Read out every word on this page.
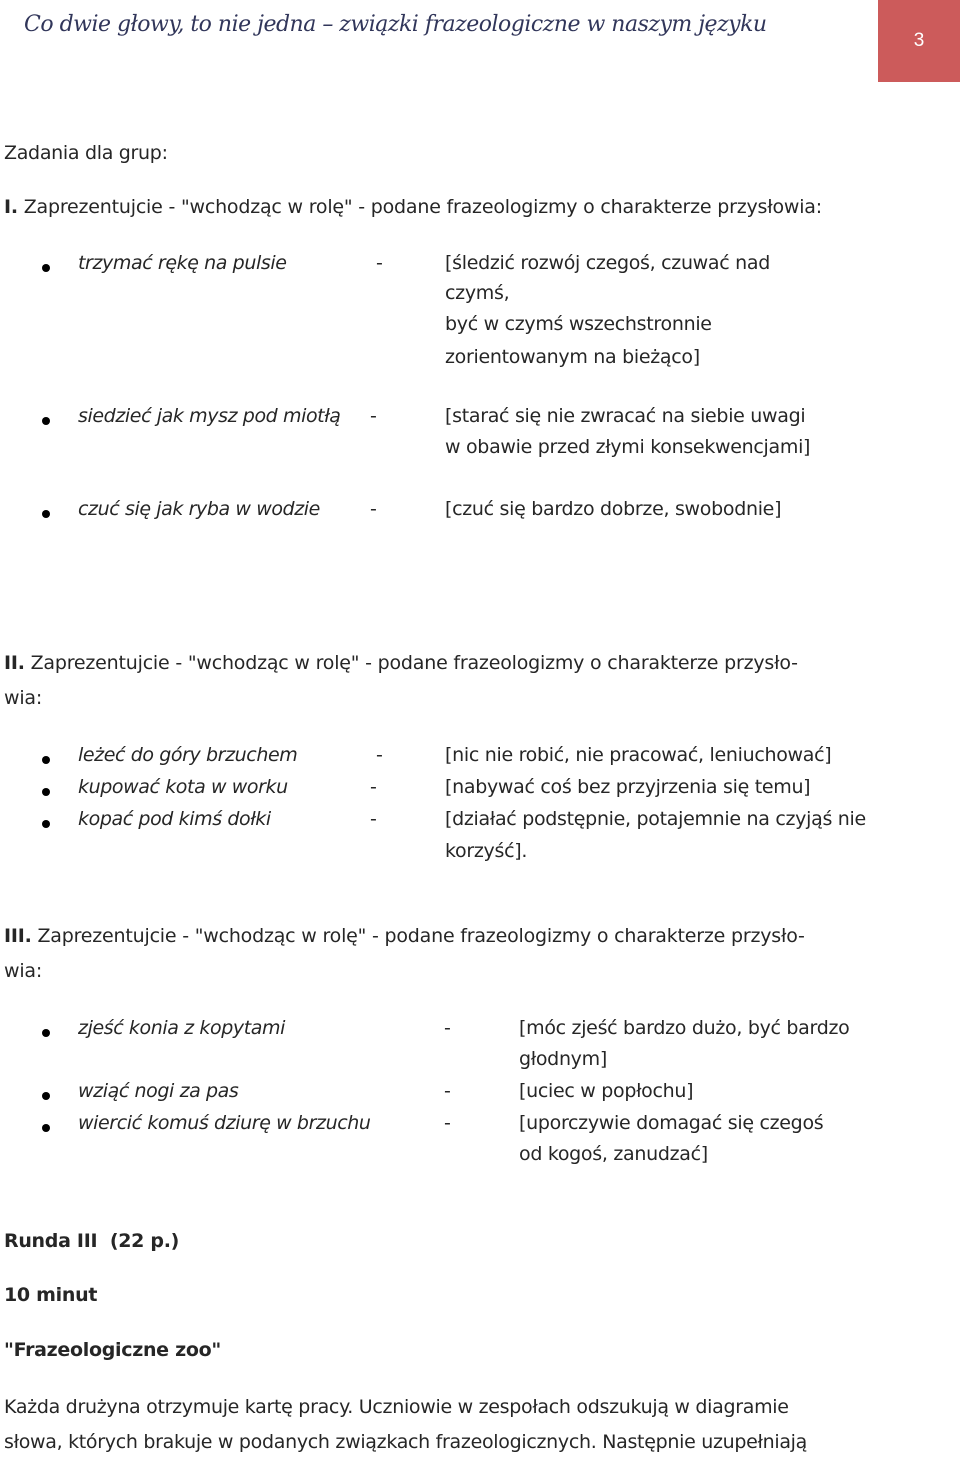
Co dwie głowy, to nie jedna – związki frazeologiczne w naszym języku
3
Zadania dla grup:
I. Zaprezentujcie - "wchodząc w rolę" - podane frazeologizmy o charakterze przysłowia:
trzymać rękę na pulsie	-	[śledzić rozwój czegoś, czuwać nad
czymś,
być w czymś wszechstronnie
zorientowanym na bieżąco]
siedzieć jak mysz pod miotłą -	[starać się nie zwracać na siebie uwagi
w obawie przed złymi konsekwencjami]
czuć się jak ryba w wodzie	-	[czuć się bardzo dobrze, swobodnie]
II. Zaprezentujcie - "wchodząc w rolę" - podane frazeologizmy o charakterze przysło-
wia:
leżeć do góry brzuchem	-	[nic nie robić, nie pracować, leniuchować]
kupować kota w worku	-	[nabywać coś bez przyjrzenia się temu]
kopać pod kimś dołki	-	[działać podstępnie, potajemnie na czyjąś nie
korzyść].
III. Zaprezentujcie - "wchodząc w rolę" - podane frazeologizmy o charakterze przysło-
wia:
zjeść konia z kopytami	-	[móc zjeść bardzo dużo, być bardzo
głodnym]
wziąć nogi za pas	-	[uciec w popłochu]
wiercić komuś dziurę w brzuchu	-	[uporczywie domagać się czegoś
od kogoś, zanudzać]
Runda III  (22 p.)
10 minut
"Frazeologiczne zoo"
Każda drużyna otrzymuje kartę pracy. Uczniowie w zespołach odszukują w diagramie
słowa, których brakuje w podanych związkach frazeologicznych. Następnie uzupełniają
